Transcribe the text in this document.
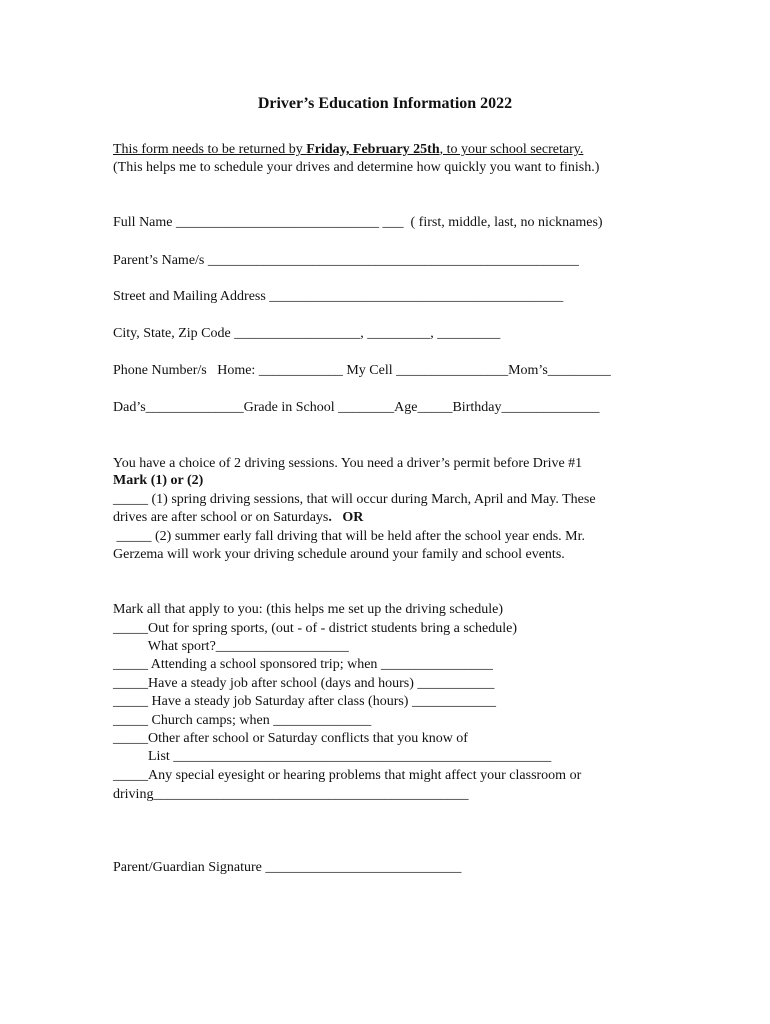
Driver’s Education Information 2022
This form needs to be returned by Friday, February 25th, to your school secretary.
(This helps me to schedule your drives and determine how quickly you want to finish.)
Full Name _____________________________ ___  ( first, middle, last, no nicknames)
Parent’s Name/s _____________________________________________________
Street and Mailing Address __________________________________________
City, State, Zip Code __________________, _________, _________
Phone Number/s   Home: ____________ My Cell ________________Mom’s_________
Dad’s______________Grade in School ________Age_____Birthday______________
You have a choice of 2 driving sessions. You need a driver’s permit before Drive #1
Mark (1) or (2)
_____ (1) spring driving sessions, that will occur during March, April and May. These
drives are after school or on Saturdays. OR
_____ (2) summer early fall driving that will be held after the school year ends. Mr.
Gerzema will work your driving schedule around your family and school events.
Mark all that apply to you: (this helps me set up the driving schedule)
_____Out for spring sports, (out - of - district students bring a schedule)
What sport?___________________
_____ Attending a school sponsored trip; when ________________
_____Have a steady job after school (days and hours) ___________
_____ Have a steady job Saturday after class (hours) ____________
_____ Church camps; when ______________
_____Other after school or Saturday conflicts that you know of
List ______________________________________________________
_____Any special eyesight or hearing problems that might affect your classroom or
driving_____________________________________________
Parent/Guardian Signature ____________________________
